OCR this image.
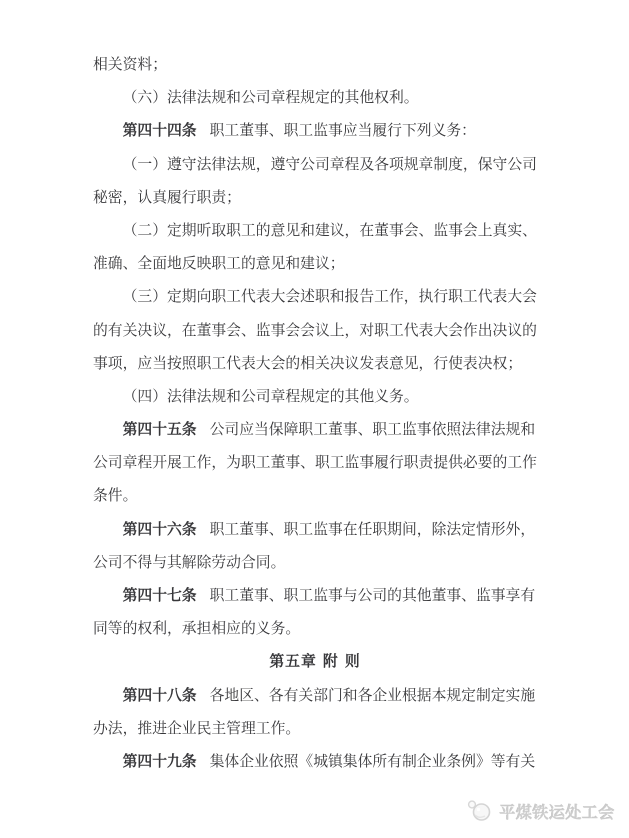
相关资料；
（六）法律法规和公司章程规定的其他权利。
第四十四条 职工董事、职工监事应当履行下列义务：
（一）遵守法律法规，遵守公司章程及各项规章制度，保守公司
秘密，认真履行职责；
（二）定期听取职工的意见和建议，在董事会、监事会上真实、
准确、全面地反映职工的意见和建议；
（三）定期向职工代表大会述职和报告工作，执行职工代表大会
的有关决议，在董事会、监事会会议上，对职工代表大会作出决议的
事项，应当按照职工代表大会的相关决议发表意见，行使表决权；
（四）法律法规和公司章程规定的其他义务。
第四十五条 公司应当保障职工董事、职工监事依照法律法规和
公司章程开展工作，为职工董事、职工监事履行职责提供必要的工作
条件。
第四十六条 职工董事、职工监事在任职期间，除法定情形外，
公司不得与其解除劳动合同。
第四十七条 职工董事、职工监事与公司的其他董事、监事享有
同等的权利，承担相应的义务。
第五章 附 则
第四十八条 各地区、各有关部门和各企业根据本规定制定实施
办法，推进企业民主管理工作。
第四十九条 集体企业依照《城镇集体所有制企业条例》等有关
平煤铁运处工会
